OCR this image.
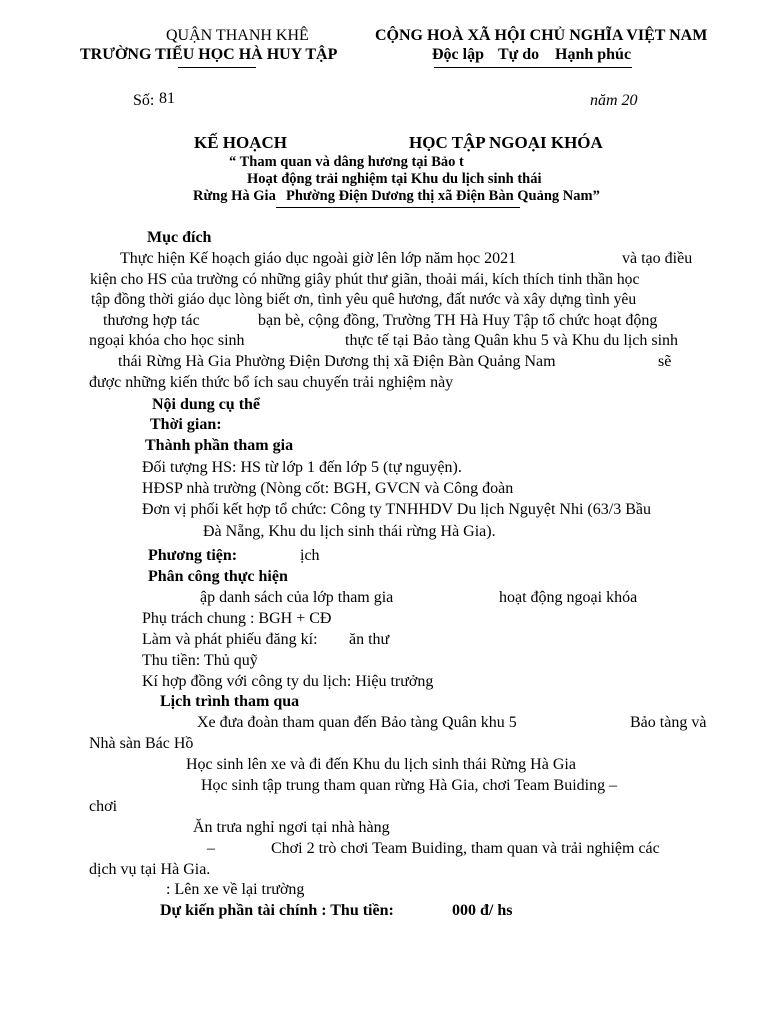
QUẬN THANH KHÊ
TRƯỜNG TIỂU HỌC HÀ HUY TẬP
CỘNG HOÀ XÃ HỘI CHỦ NGHĨA VIỆT NAM
Độc lập Tự do Hạnh phúc
Số: 81	năm 20
KẾ HOẠCH	HỌC TẬP NGOẠI KHÓA
“ Tham quan và dâng hương tại Bảo t
Hoạt động trải nghiệm tại Khu du lịch sinh thái
Rừng Hà Gia Phường Điện Dương thị xã Điện Bàn Quảng Nam”
Mục đích
Thực hiện Kế hoạch giáo dục ngoài giờ lên lớp năm học 2021	và tạo điều
kiện cho HS của trường có những giây phút thư giãn, thoải mái, kích thích tinh thần học
tập đồng thời giáo dục lòng biết ơn, tình yêu quê hương, đất nước và xây dựng tình yêu
thương hợp tác	bạn bè, cộng đồng, Trường TH Hà Huy Tập tổ chức hoạt động
ngoại khóa cho học sinh	thực tế tại Bảo tàng Quân khu 5 và Khu du lịch sinh
thái Rừng Hà Gia Phường Điện Dương thị xã Điện Bàn Quảng Nam	sẽ
được những kiến thức bổ ích sau chuyến trải nghiệm này
Nội dung cụ thể
Thời gian:
Thành phần tham gia
Đối tượng HS: HS từ lớp 1 đến lớp 5 (tự nguyện).
HĐSP nhà trường (Nòng cốt: BGH, GVCN và Công đoàn
Đơn vị phối kết hợp tổ chức: Công ty TNHHDV Du lịch Nguyệt Nhi (63/3 Bầu
Đà Nẵng, Khu du lịch sinh thái rừng Hà Gia).
Phương tiện:	ịch
Phân công thực hiện
ập danh sách của lớp tham gia	hoạt động ngoại khóa
Phụ trách chung : BGH + CĐ
Làm và phát phiếu đăng kí: ăn thư
Thu tiền: Thủ quỹ
Kí hợp đồng với công ty du lịch: Hiệu trưởng
Lịch trình tham qua
Xe đưa đoàn tham quan đến Bảo tàng Quân khu 5	Bảo tàng và
Nhà sàn Bác Hồ
Học sinh lên xe và đi đến Khu du lịch sinh thái Rừng Hà Gia
Học sinh tập trung tham quan rừng Hà Gia, chơi Team Buiding –
chơi
Ăn trưa nghỉ ngơi tại nhà hàng
–	Chơi 2 trò chơi Team Buiding, tham quan và trải nghiệm các
dịch vụ tại Hà Gia.
: Lên xe về lại trường
Dự kiến phần tài chính : Thu tiền:	000 đ/ hs
